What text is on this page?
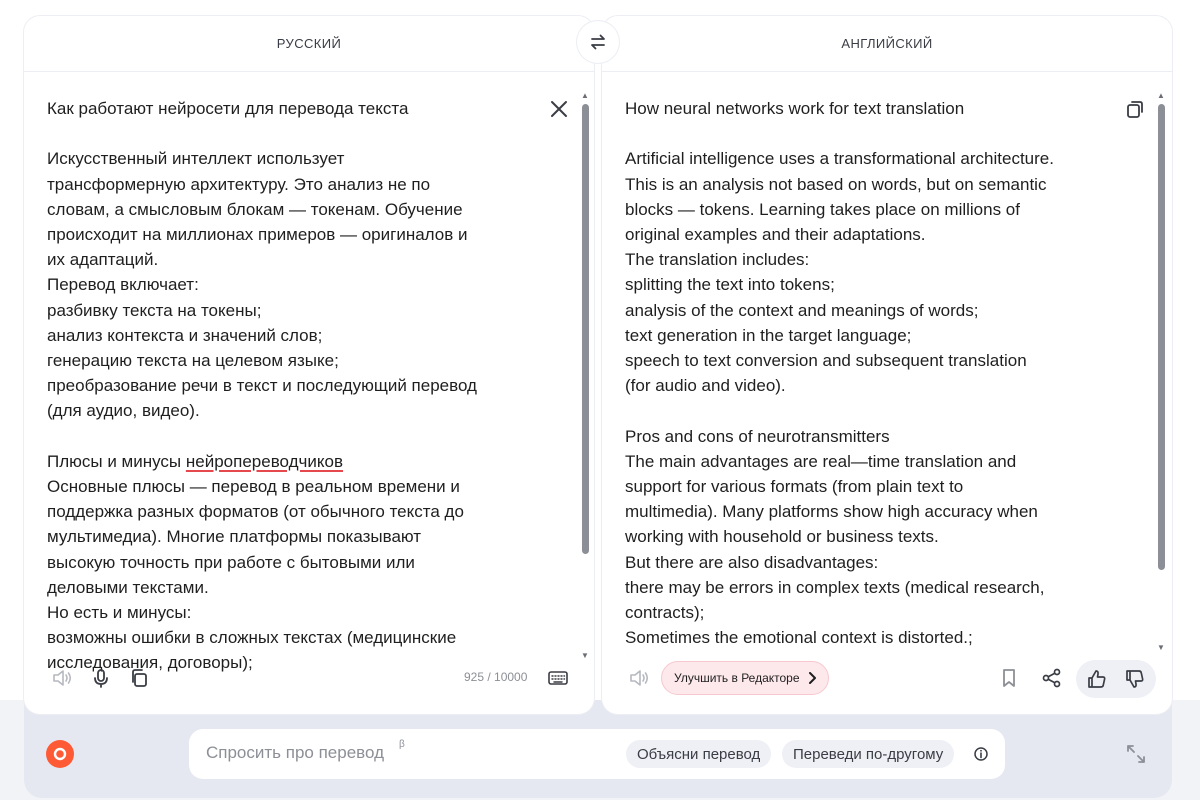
РУССКИЙ
Как работают нейросети для перевода текста
Искусственный интеллект использует
трансформерную архитектуру. Это анализ не по
словам, а смысловым блокам — токенам. Обучение
происходит на миллионах примеров — оригиналов и
их адаптаций.
Перевод включает:
разбивку текста на токены;
анализ контекста и значений слов;
генерацию текста на целевом языке;
преобразование речи в текст и последующий перевод
(для аудио, видео).
Плюсы и минусы нейропереводчиков
Основные плюсы — перевод в реальном времени и
поддержка разных форматов (от обычного текста до
мультимедиа). Многие платформы показывают
высокую точность при работе с бытовыми или
деловыми текстами.
Но есть и минусы:
возможны ошибки в сложных текстах (медицинские
исследования, договоры);
▲
▼
925 / 10000
АНГЛИЙСКИЙ
How neural networks work for text translation
Artificial intelligence uses a transformational architecture.
This is an analysis not based on words, but on semantic
blocks — tokens. Learning takes place on millions of
original examples and their adaptations.
The translation includes:
splitting the text into tokens;
analysis of the context and meanings of words;
text generation in the target language;
speech to text conversion and subsequent translation
(for audio and video).
Pros and cons of neurotransmitters
The main advantages are real—time translation and
support for various formats (from plain text to
multimedia). Many platforms show high accuracy when
working with household or business texts.
But there are also disadvantages:
there may be errors in complex texts (medical research,
contracts);
Sometimes the emotional context is distorted.;
▲
▼
Улучшить в Редакторе
Спросить про перевод
β
Объясни перевод	Переведи по-другому
